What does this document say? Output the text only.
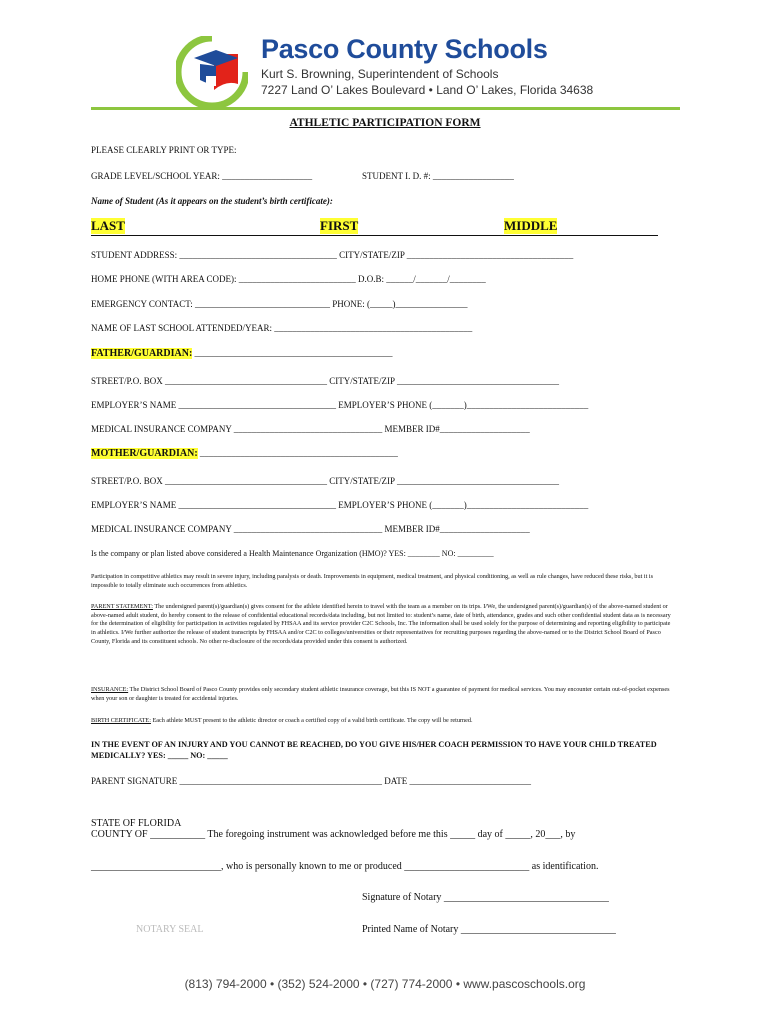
Pasco County Schools
Kurt S. Browning, Superintendent of Schools
7227 Land O’ Lakes Boulevard • Land O’ Lakes, Florida 34638
ATHLETIC PARTICIPATION FORM
PLEASE CLEARLY PRINT OR TYPE:
GRADE LEVEL/SCHOOL YEAR: ____________________	STUDENT I. D. #: __________________
Name of Student (As it appears on the student’s birth certificate):
LAST	FIRST	MIDDLE
STUDENT ADDRESS: ___________________________________ CITY/STATE/ZIP _____________________________________
HOME PHONE (WITH AREA CODE): __________________________ D.O.B: ______/_______/________
EMERGENCY CONTACT: ______________________________ PHONE: (_____)________________
NAME OF LAST SCHOOL ATTENDED/YEAR: ____________________________________________
FATHER/GUARDIAN: ____________________________________________
STREET/P.O. BOX ____________________________________ CITY/STATE/ZIP ____________________________________
EMPLOYER’S NAME ___________________________________ EMPLOYER’S PHONE (_______)___________________________
MEDICAL INSURANCE COMPANY _________________________________ MEMBER ID#____________________
MOTHER/GUARDIAN: ____________________________________________
STREET/P.O. BOX ____________________________________ CITY/STATE/ZIP ____________________________________
EMPLOYER’S NAME ___________________________________ EMPLOYER’S PHONE (_______)___________________________
MEDICAL INSURANCE COMPANY _________________________________ MEMBER ID#____________________
Is the company or plan listed above considered a Health Maintenance Organization (HMO)? YES: ________ NO: _________
Participation in competitive athletics may result in severe injury, including paralysis or death. Improvements in equipment, medical treatment, and physical conditioning, as well as rule changes, have reduced these risks, but it is impossible to totally eliminate such occurrences from athletics.
PARENT STATEMENT: The undersigned parent(s)/guardian(s) gives consent for the athlete identified herein to travel with the team as a member on its trips. I/We, the undersigned parent(s)/guardian(s) of the above-named student or above-named adult student, do hereby consent to the release of confidential educational records/data including, but not limited to: student’s name, date of birth, attendance, grades and such other confidential student data as is necessary for the determination of eligibility for participation in activities regulated by FHSAA and its service provider C2C Schools, Inc. The information shall be used solely for the purpose of determining and reporting eligibility to participate in athletics. I/We further authorize the release of student transcripts by FHSAA and/or C2C to colleges/universities or their representatives for recruiting purposes regarding the above-named or to the District School Board of Pasco County, Florida and its constituent schools. No other re-disclosure of the records/data provided under this consent is authorized.
INSURANCE: The District School Board of Pasco County provides only secondary student athletic insurance coverage, but this IS NOT a guarantee of payment for medical services. You may encounter certain out-of-pocket expenses when your son or daughter is treated for accidental injuries.
BIRTH CERTIFICATE: Each athlete MUST present to the athletic director or coach a certified copy of a valid birth certificate. The copy will be returned.
IN THE EVENT OF AN INJURY AND YOU CANNOT BE REACHED, DO YOU GIVE HIS/HER COACH PERMISSION TO HAVE YOUR CHILD TREATED MEDICALLY? YES: _____ NO: _____
PARENT SIGNATURE _____________________________________________ DATE ___________________________
STATE OF FLORIDA
COUNTY OF ___________ The foregoing instrument was acknowledged before me this _____ day of _____, 20___, by
__________________________, who is personally known to me or produced _________________________ as identification.
Signature of Notary _________________________________
NOTARY SEAL	Printed Name of Notary _______________________________
(813) 794-2000 • (352) 524-2000 • (727) 774-2000 • www.pascoschools.org
